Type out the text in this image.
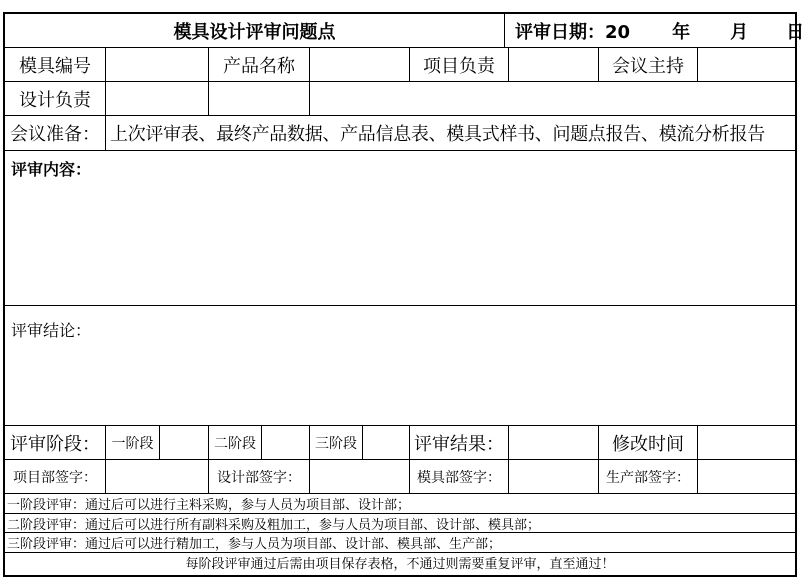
模具设计评审问题点	评审日期：20 年 月 日
模具编号	产品名称	项目负责	会议主持
设计负责
会议准备： 上次评审表、最终产品数据、产品信息表、模具式样书、问题点报告、模流分析报告
评审内容：
评审结论：
评审阶段： 一阶段	二阶段	三阶段	评审结果：	修改时间
项目部签字：	设计部签字：	模具部签字：	生产部签字：
一阶段评审：通过后可以进行主料采购，参与人员为项目部、设计部；
二阶段评审：通过后可以进行所有副料采购及粗加工，参与人员为项目部、设计部、模具部；
三阶段评审：通过后可以进行精加工，参与人员为项目部、设计部、模具部、生产部；
每阶段评审通过后需由项目保存表格，不通过则需要重复评审，直至通过！
